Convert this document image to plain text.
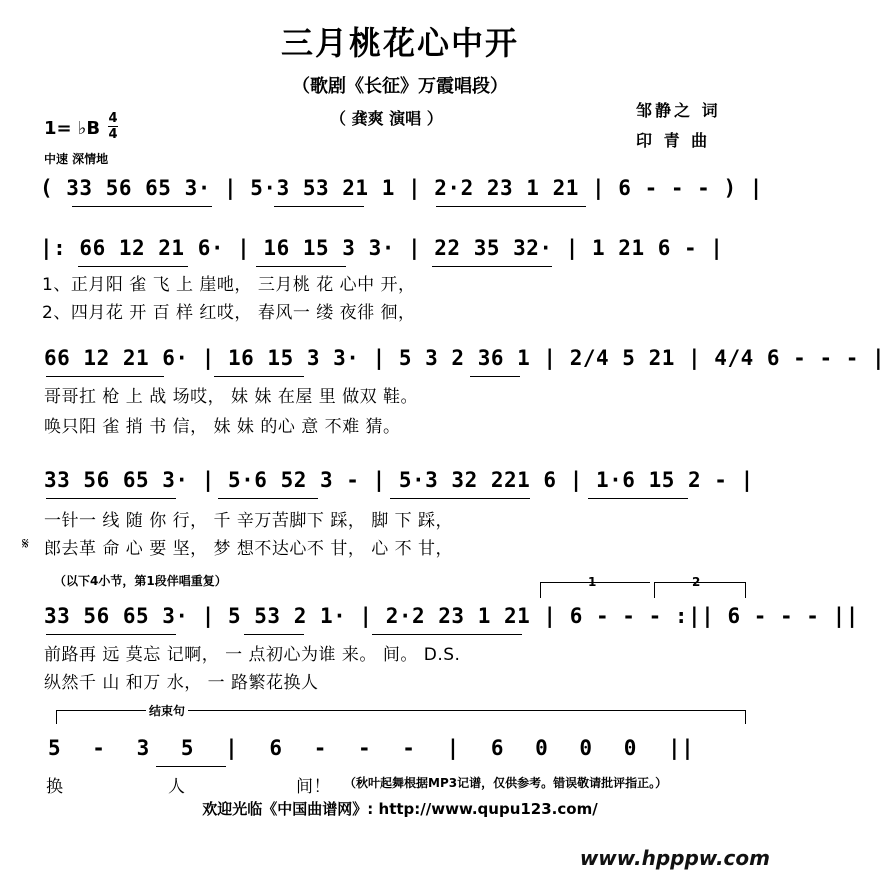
三月桃花心中开
（歌剧《长征》万霞唱段）
（ 龚爽 演唱 ）	邹静之 词
印 青 曲
1= ♭B 4
4
中速 深情地
( 33 56 65 3· | 5·3 53 21 1 | 2·2 23 1 21 | 6 - - - ) |
|: 66 12 21 6· | 16 15 3 3· | 22 35 32· | 1 21 6 - |
1、正月阳 雀 飞 上 崖吔， 三月桃 花 心中 开，
2、四月花 开 百 样 红哎， 春风一 缕 夜徘 徊，
66 12 21 6· | 16 15 3 3· | 5 3 2 36 1 | 2/4 5 21 | 4/4 6 - - - |
哥哥扛 枪 上 战 场哎， 妹 妹 在屋 里 做双 鞋。
唤只阳 雀 捎 书 信， 妹 妹 的心 意 不难 猜。
33 56 65 3· | 5·6 52 3 - | 5·3 32 221 6 | 1·6 15 2 - |
一针一 线 随 你 行， 千 辛万苦脚下 踩， 脚 下 踩，
𝄋 郎去革 命 心 要 坚， 梦 想不达心不 甘， 心 不 甘，
（以下4小节，第1段伴唱重复）	1	2
33 56 65 3· | 5 53 2 1· | 2·2 23 1 21 | 6 - - - :|| 6 - - - ||
前路再 远 莫忘 记啊， 一 点初心为谁 来。 间。 D.S.
纵然千 山 和万 水， 一 路繁花换人
结束句
5 - 3 5 | 6 - - - | 6 0 0 0 ||
换	人	间！ （秋叶起舞根据MP3记谱，仅供参考。错误敬请批评指正。）
欢迎光临《中国曲谱网》: http://www.qupu123.com/
www.hpppw.com
